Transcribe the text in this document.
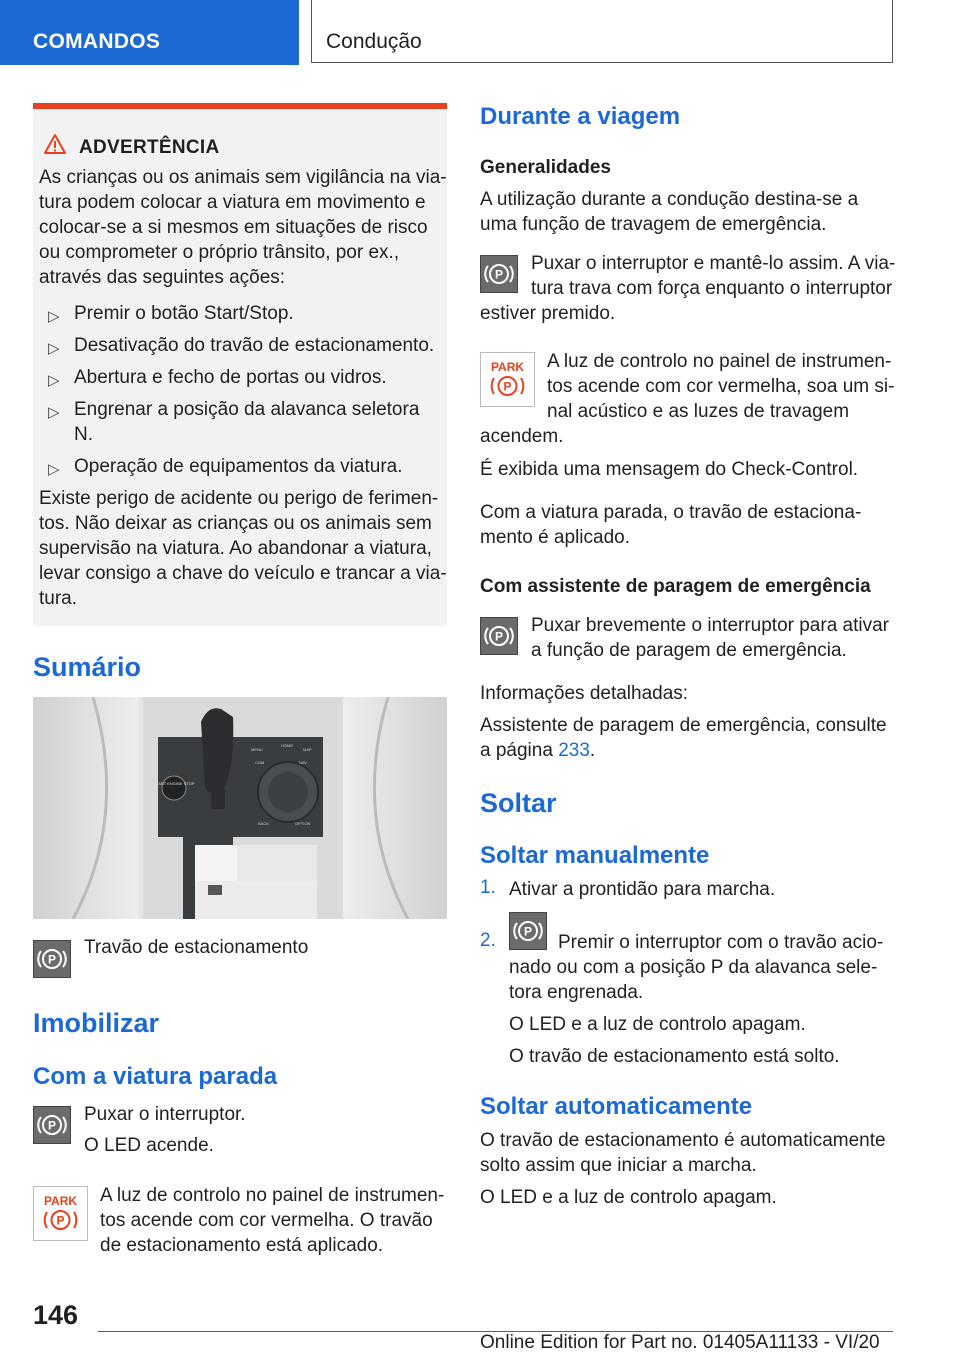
COMANDOS	Condução
ADVERTÊNCIA
As crianças ou os animais sem vigilância na via-
tura podem colocar a viatura em movimento e
colocar-se a si mesmos em situações de risco
ou comprometer o próprio trânsito, por ex.,
através das seguintes ações:
▷ Premir o botão Start/Stop.
▷ Desativação do travão de estacionamento.
▷ Abertura e fecho de portas ou vidros.
▷ Engrenar a posição da alavanca seletora
N.
▷ Operação de equipamentos da viatura.
Existe perigo de acidente ou perigo de ferimen-
tos. Não deixar as crianças ou os animais sem
supervisão na viatura. Ao abandonar a viatura,
levar consigo a chave do veículo e trancar a via-
tura.
Sumário
START ENGINE STOP
MENU
HOME
MAP
COM	NAV
BACK	OPTION
P
Travão de estacionamento
Imobilizar
Com a viatura parada
P
Puxar o interruptor.
O LED acende.
PARK
P
A luz de controlo no painel de instrumen-
tos acende com cor vermelha. O travão
de estacionamento está aplicado.
Durante a viagem
Generalidades
A utilização durante a condução destina-se a
uma função de travagem de emergência.
P
Puxar o interruptor e mantê-lo assim. A via-
tura trava com força enquanto o interruptor
estiver premido.
PARK
P
A luz de controlo no painel de instrumen-
tos acende com cor vermelha, soa um si-
nal acústico e as luzes de travagem
acendem.
É exibida uma mensagem do Check-Control.
Com a viatura parada, o travão de estaciona-
mento é aplicado.
Com assistente de paragem de emergência
P
Puxar brevemente o interruptor para ativar
a função de paragem de emergência.
Informações detalhadas:
Assistente de paragem de emergência, consulte
a página 233.
Soltar
Soltar manualmente
1. Ativar a prontidão para marcha.
2. P
Premir o interruptor com o travão acio-
nado ou com a posição P da alavanca sele-
tora engrenada.
O LED e a luz de controlo apagam.
O travão de estacionamento está solto.
Soltar automaticamente
O travão de estacionamento é automaticamente
solto assim que iniciar a marcha.
O LED e a luz de controlo apagam.
146
Online Edition for Part no. 01405A11133 - VI/20
